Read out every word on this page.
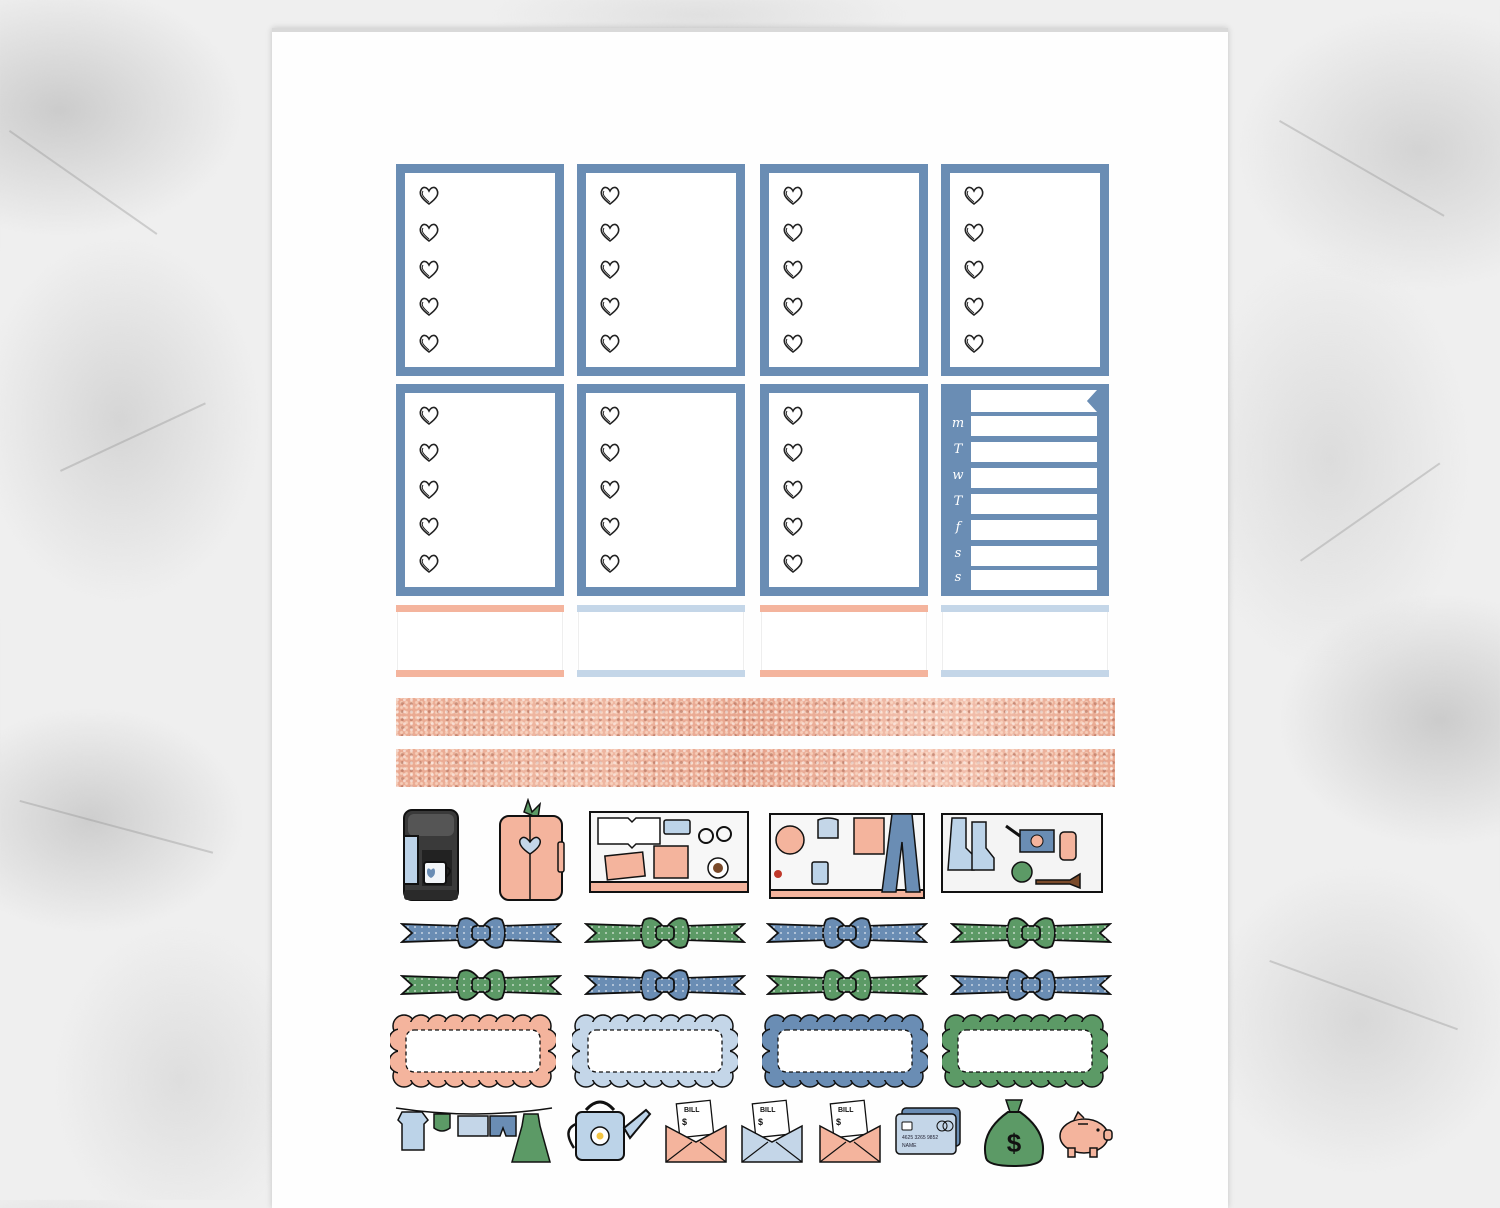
m
T
w
T
f
s
s
BILL
$
BILL
$
BILL
$
4625 3265 9852
NAME	$
